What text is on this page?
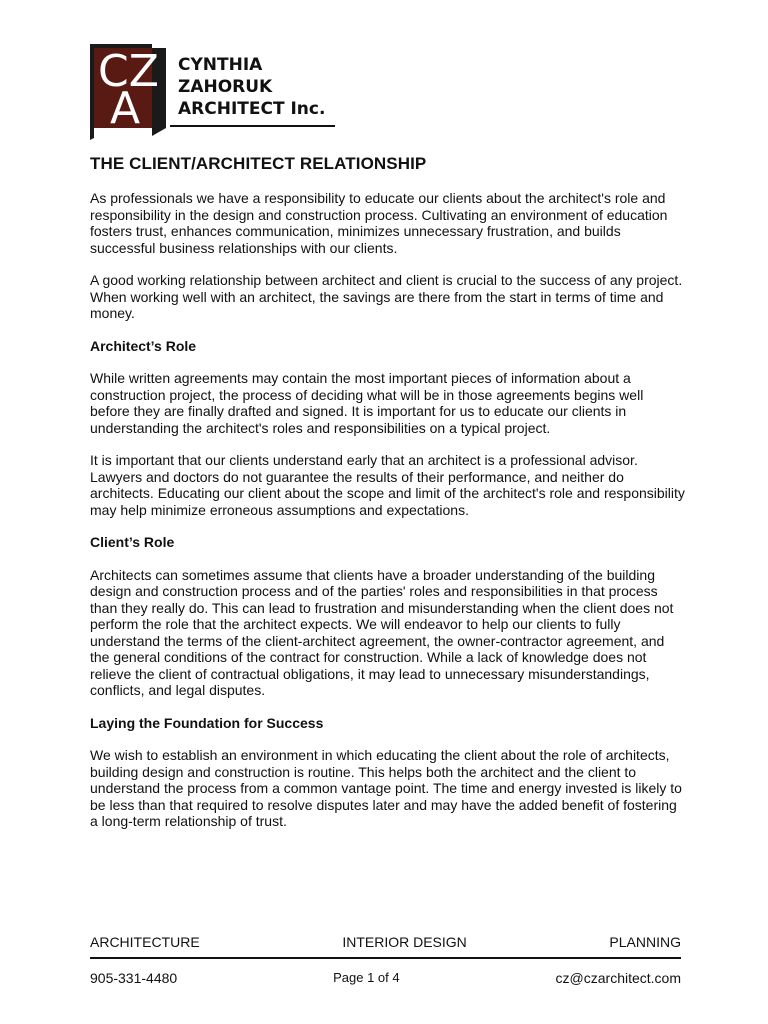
CZ
A
CYNTHIA
ZAHORUK
ARCHITECT Inc.
THE CLIENT/ARCHITECT RELATIONSHIP

As professionals we have a responsibility to educate our clients about the architect's role and responsibility in the design and construction process. Cultivating an environment of education fosters trust, enhances communication, minimizes unnecessary frustration, and builds successful business relationships with our clients.

A good working relationship between architect and client is crucial to the success of any project. When working well with an architect, the savings are there from the start in terms of time and money.

Architect’s Role

While written agreements may contain the most important pieces of information about a construction project, the process of deciding what will be in those agreements begins well before they are finally drafted and signed. It is important for us to educate our clients in understanding the architect's roles and responsibilities on a typical project.

It is important that our clients understand early that an architect is a professional advisor. Lawyers and doctors do not guarantee the results of their performance, and neither do architects. Educating our client about the scope and limit of the architect's role and responsibility may help minimize erroneous assumptions and expectations.

Client’s Role

Architects can sometimes assume that clients have a broader understanding of the building design and construction process and of the parties' roles and responsibilities in that process than they really do. This can lead to frustration and misunderstanding when the client does not perform the role that the architect expects. We will endeavor to help our clients to fully understand the terms of the client-architect agreement, the owner-contractor agreement, and the general conditions of the contract for construction. While a lack of knowledge does not relieve the client of contractual obligations, it may lead to unnecessary misunderstandings, conflicts, and legal disputes.

Laying the Foundation for Success

We wish to establish an environment in which educating the client about the role of architects, building design and construction is routine. This helps both the architect and the client to understand the process from a common vantage point. The time and energy invested is likely to be less than that required to resolve disputes later and may have the added benefit of fostering a long-term relationship of trust.

ARCHITECTURE	INTERIOR DESIGN	PLANNING
905-331-4480	Page 1 of 4	cz@czarchitect.com
